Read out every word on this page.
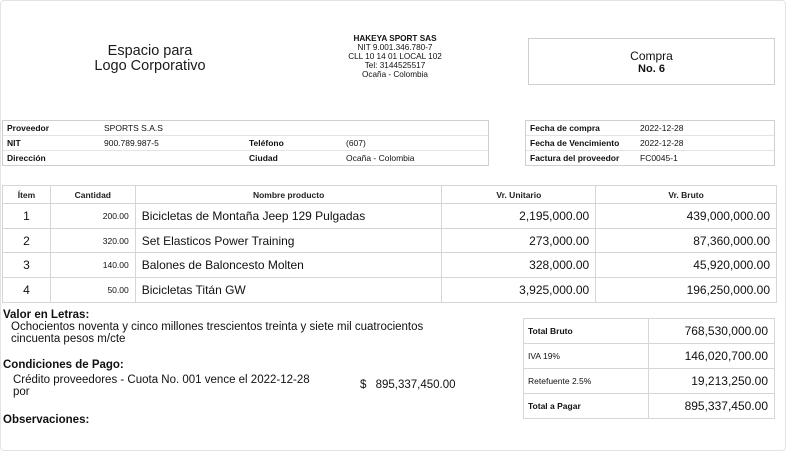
Espacio para
Logo Corporativo
HAKEYA SPORT SAS
NIT 9.001.346.780-7
CLL 10 14 01 LOCAL 102
Tel: 3144525517
Ocaña - Colombia
Compra
No. 6
Proveedor	SPORTS S.A.S
NIT	900.789.987-5	Teléfono	(607)
Dirección	Ciudad	Ocaña - Colombia
Fecha de compra	2022-12-28
Fecha de Vencimiento 2022-12-28
Factura del proveedor FC0045-1
Ítem	Cantidad	Nombre producto	Vr. Unitario	Vr. Bruto
1	200.00	Bicicletas de Montaña Jeep 129 Pulgadas	2,195,000.00	439,000,000.00
2	320.00	Set Elasticos Power Training	273,000.00	87,360,000.00
3	140.00	Balones de Baloncesto Molten	328,000.00	45,920,000.00
4	50.00	Bicicletas Titán GW	3,925,000.00	196,250,000.00
Valor en Letras:
Ochocientos noventa y cinco millones trescientos treinta y siete mil cuatrocientos
cincuenta pesos m/cte
Condiciones de Pago:
Crédito proveedores - Cuota No. 001 vence el 2022-12-28
por
$ 895,337,450.00
Observaciones:
Total Bruto	768,530,000.00
IVA 19%	146,020,700.00
Retefuente 2.5%	19,213,250.00
Total a Pagar	895,337,450.00
